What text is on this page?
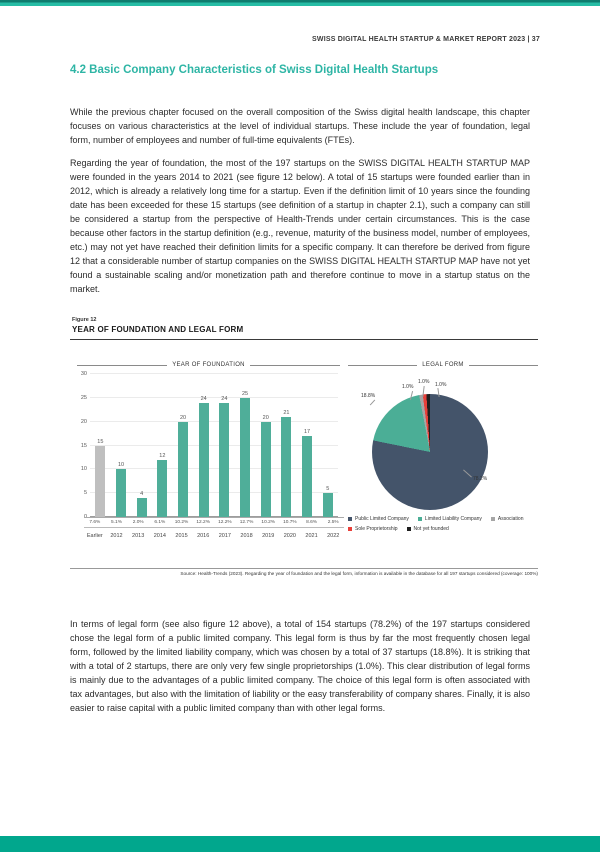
SWISS DIGITAL HEALTH STARTUP & MARKET REPORT 2023 | 37
4.2 Basic Company Characteristics of Swiss Digital Health Startups
While the previous chapter focused on the overall composition of the Swiss digital health landscape, this chapter focuses on various characteristics at the level of individual startups. These include the year of foundation, legal form, number of employees and number of full-time equivalents (FTEs).
Regarding the year of foundation, the most of the 197 startups on the SWISS DIGITAL HEALTH STARTUP MAP were founded in the years 2014 to 2021 (see figure 12 below). A total of 15 startups were founded earlier than in 2012, which is already a relatively long time for a startup. Even if the definition limit of 10 years since the founding date has been exceeded for these 15 startups (see definition of a startup in chapter 2.1), such a company can still be considered a startup from the perspective of Health-Trends under certain circumstances. This is the case because other factors in the startup definition (e.g., revenue, maturity of the business model, number of employees, etc.) may not yet have reached their definition limits for a specific company. It can therefore be derived from figure 12 that a considerable number of startup companies on the SWISS DIGITAL HEALTH STARTUP MAP have not yet found a sustainable scaling and/or monetization path and therefore continue to move in a startup status on the market.
Figure 12
YEAR OF FOUNDATION AND LEGAL FORM
YEAR OF FOUNDATION
0
5
10
15
20
25
30
15
10
4
12
20
24	24
25
20
21
17
5
7.6%	5.1%	2.0%	6.1%	10.2%	12.2%	12.2%	12.7%	10.2%	10.7%	8.6%	2.5%
Earlier	2012	2013	2014	2015	2016	2017	2018	2019	2020	2021	2022
LEGAL FORM
78.2%
18.8%
1.0%
1.0% 1.0%
Public Limited Company	Limited Liability Company	Association
Sole Proprietorship	Not yet founded
Source: Health-Trends (2023). Regarding the year of foundation and the legal form, information is available in the database for all 197 startups considered (coverage: 100%)
In terms of legal form (see also figure 12 above), a total of 154 startups (78.2%) of the 197 startups considered chose the legal form of a public limited company. This legal form is thus by far the most frequently chosen legal form, followed by the limited liability company, which was chosen by a total of 37 startups (18.8%). It is striking that with a total of 2 startups, there are only very few single proprietorships (1.0%). This clear distribution of legal forms is mainly due to the advantages of a public limited company. The choice of this legal form is often associated with tax advantages, but also with the limitation of liability or the easy transferability of company shares. Finally, it is also easier to raise capital with a public limited company than with other legal forms.
